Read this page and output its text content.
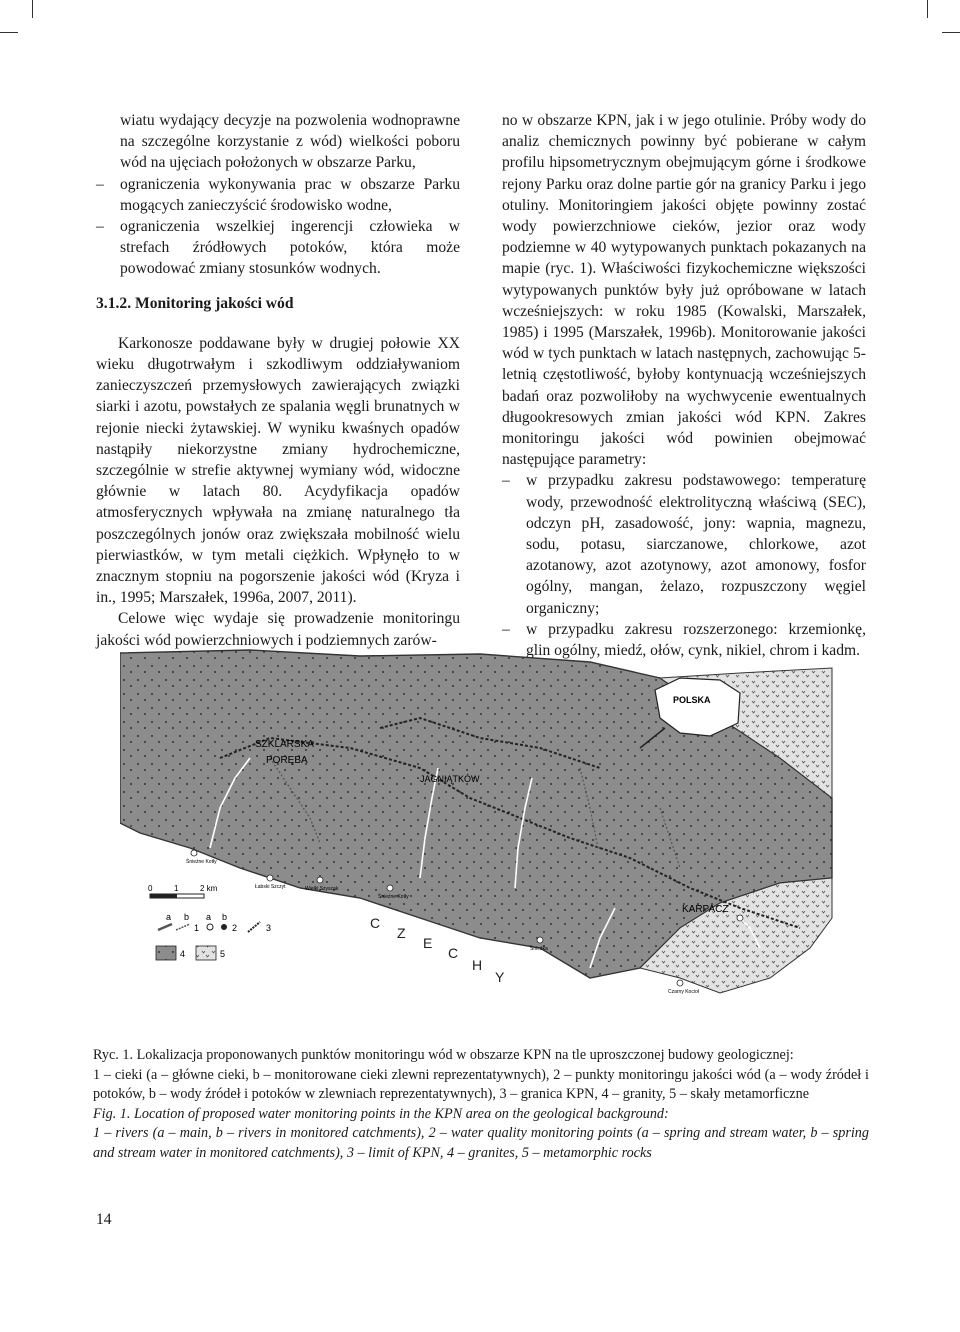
wiatu wydający decyzje na pozwolenia wodnoprawne na szczególne korzystanie z wód) wielkości poboru wód na ujęciach położonych w obszarze Parku,

– ograniczenia wykonywania prac w obszarze Parku mogących zanieczyścić środowisko wodne,
– ograniczenia wszelkiej ingerencji człowieka w strefach źródłowych potoków, która może powodować zmiany stosunków wodnych.
3.1.2. Monitoring jakości wód

Karkonosze poddawane były w drugiej połowie XX wieku długotrwałym i szkodliwym oddziaływaniom zanieczyszczeń przemysłowych zawierających związki siarki i azotu, powstałych ze spalania węgli brunatnych w rejonie niecki żytawskiej. W wyniku kwaśnych opadów nastąpiły niekorzystne zmiany hydrochemiczne, szczególnie w strefie aktywnej wymiany wód, widoczne głównie w latach 80. Acydyfikacja opadów atmosferycznych wpływała na zmianę naturalnego tła poszczególnych jonów oraz zwiększała mobilność wielu pierwiastków, w tym metali ciężkich. Wpłynęło to w znacznym stopniu na pogorszenie jakości wód (Kryza i in., 1995; Marszałek, 1996a, 2007, 2011).

Celowe więc wydaje się prowadzenie monitoringu jakości wód powierzchniowych i podziemnych zarów-

no w obszarze KPN, jak i w jego otulinie. Próby wody do analiz chemicznych powinny być pobierane w całym profilu hipsometrycznym obejmującym górne i środkowe rejony Parku oraz dolne partie gór na granicy Parku i jego otuliny. Monitoringiem jakości objęte powinny zostać wody powierzchniowe cieków, jezior oraz wody podziemne w 40 wytypowanych punktach pokazanych na mapie (ryc. 1). Właściwości fizykochemiczne większości wytypowanych punktów były już opróbowane w latach wcześniejszych: w roku 1985 (Kowalski, Marszałek, 1985) i 1995 (Marszałek, 1996b). Monitorowanie jakości wód w tych punktach w latach następnych, zachowując 5-letnią częstotliwość, byłoby kontynuacją wcześniejszych badań oraz pozwoliłoby na wychwycenie ewentualnych długookresowych zmian jakości wód KPN. Zakres monitoringu jakości wód powinien obejmować następujące parametry:

– w przypadku zakresu podstawowego: temperaturę wody, przewodność elektrolityczną właściwą (SEC), odczyn pH, zasadowość, jony: wapnia, magnezu, sodu, potasu, siarczanowe, chlorkowe, azot azotanowy, azot azotynowy, azot amonowy, fosfor ogólny, mangan, żelazo, rozpuszczony węgiel organiczny;
– w przypadku zakresu rozszerzonego: krzemionkę, glin ogólny, miedź, ołów, cynk, nikiel, chrom i kadm.
POLSKA
SZKLARSKA
PORĘBA
JAGNIĄTKÓW
KARPACZ
Śnieżne Kotły
Łabski Szczyt	Wielki Szyszak
Śnieżne Kotły
Śnieżka
Czarny Kocioł
C
Z
E
C
H
Y
0	1	2 km
a b a b
1	2	3
4	5

Ryc. 1. Lokalizacja proponowanych punktów monitoringu wód w obszarze KPN na tle uproszczonej budowy geologicznej:

1 – cieki (a – główne cieki, b – monitorowane cieki zlewni reprezentatywnych), 2 – punkty monitoringu jakości wód (a – wody źródeł i potoków, b – wody źródeł i potoków w zlewniach reprezentatywnych), 3 – granica KPN, 4 – granity, 5 – skały metamorficzne

Fig. 1. Location of proposed water monitoring points in the KPN area on the geological background:

1 – rivers (a – main, b – rivers in monitored catchments), 2 – water quality monitoring points (a – spring and stream water, b – spring and stream water in monitored catchments), 3 – limit of KPN, 4 – granites, 5 – metamorphic rocks

14
